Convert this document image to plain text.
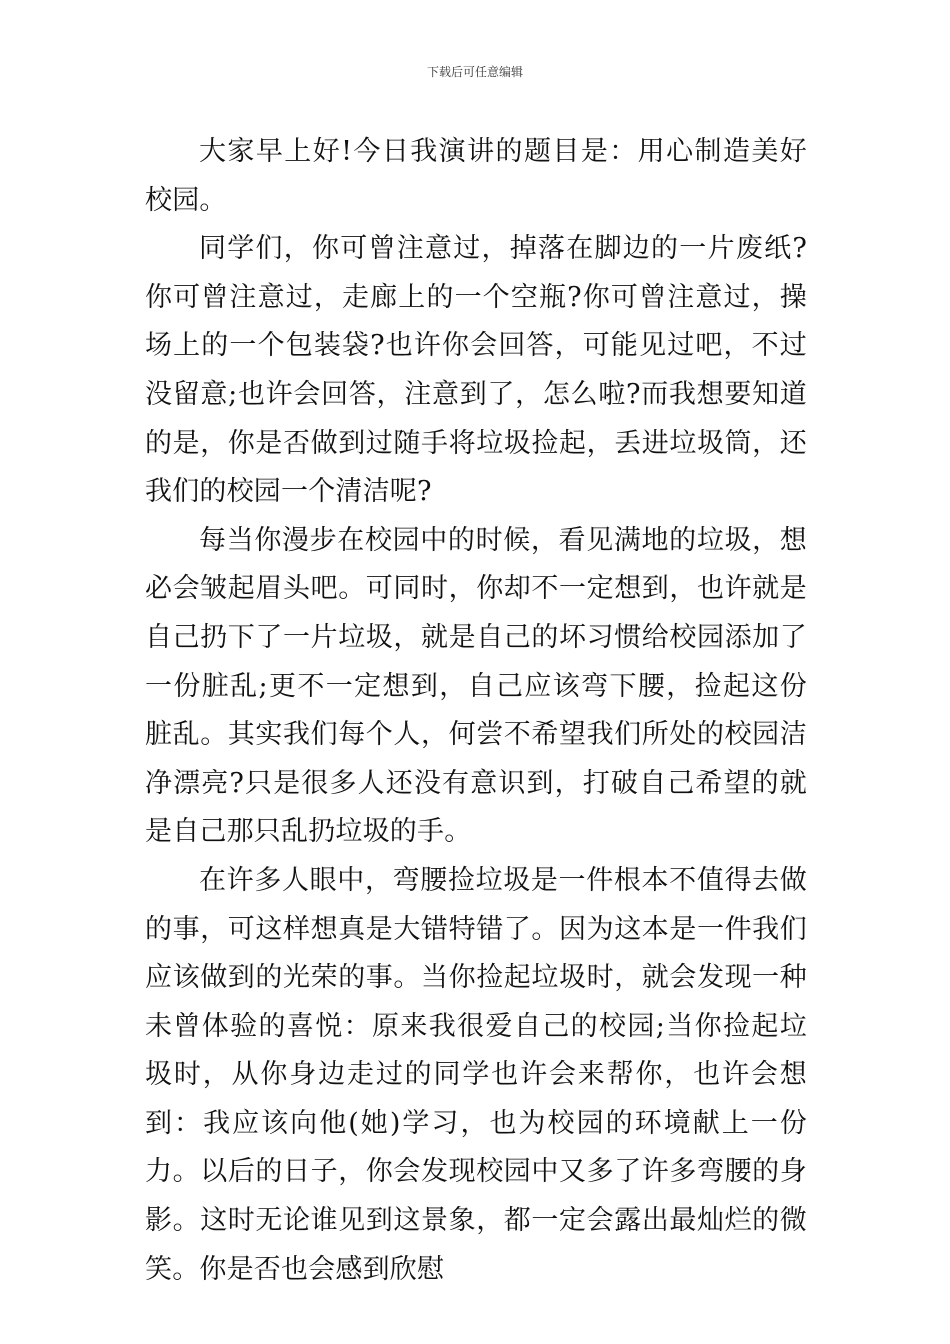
下载后可任意编辑

大家早上好!今日我演讲的题目是：用心制造美好校园。

同学们，你可曾注意过，掉落在脚边的一片废纸?你可曾注意过，走廊上的一个空瓶?你可曾注意过，操场上的一个包装袋?也许你会回答，可能见过吧，不过没留意;也许会回答，注意到了，怎么啦?而我想要知道的是，你是否做到过随手将垃圾捡起，丢进垃圾筒，还我们的校园一个清洁呢?

每当你漫步在校园中的时候，看见满地的垃圾，想必会皱起眉头吧。可同时，你却不一定想到，也许就是自己扔下了一片垃圾，就是自己的坏习惯给校园添加了一份脏乱;更不一定想到，自己应该弯下腰，捡起这份脏乱。其实我们每个人，何尝不希望我们所处的校园洁净漂亮?只是很多人还没有意识到，打破自己希望的就是自己那只乱扔垃圾的手。

在许多人眼中，弯腰捡垃圾是一件根本不值得去做的事，可这样想真是大错特错了。因为这本是一件我们应该做到的光荣的事。当你捡起垃圾时，就会发现一种未曾体验的喜悦：原来我很爱自己的校园;当你捡起垃圾时，从你身边走过的同学也许会来帮你，也许会想到：我应该向他(她)学习，也为校园的环境献上一份力。以后的日子，你会发现校园中又多了许多弯腰的身影。这时无论谁见到这景象，都一定会露出最灿烂的微笑。你是否也会感到欣慰
